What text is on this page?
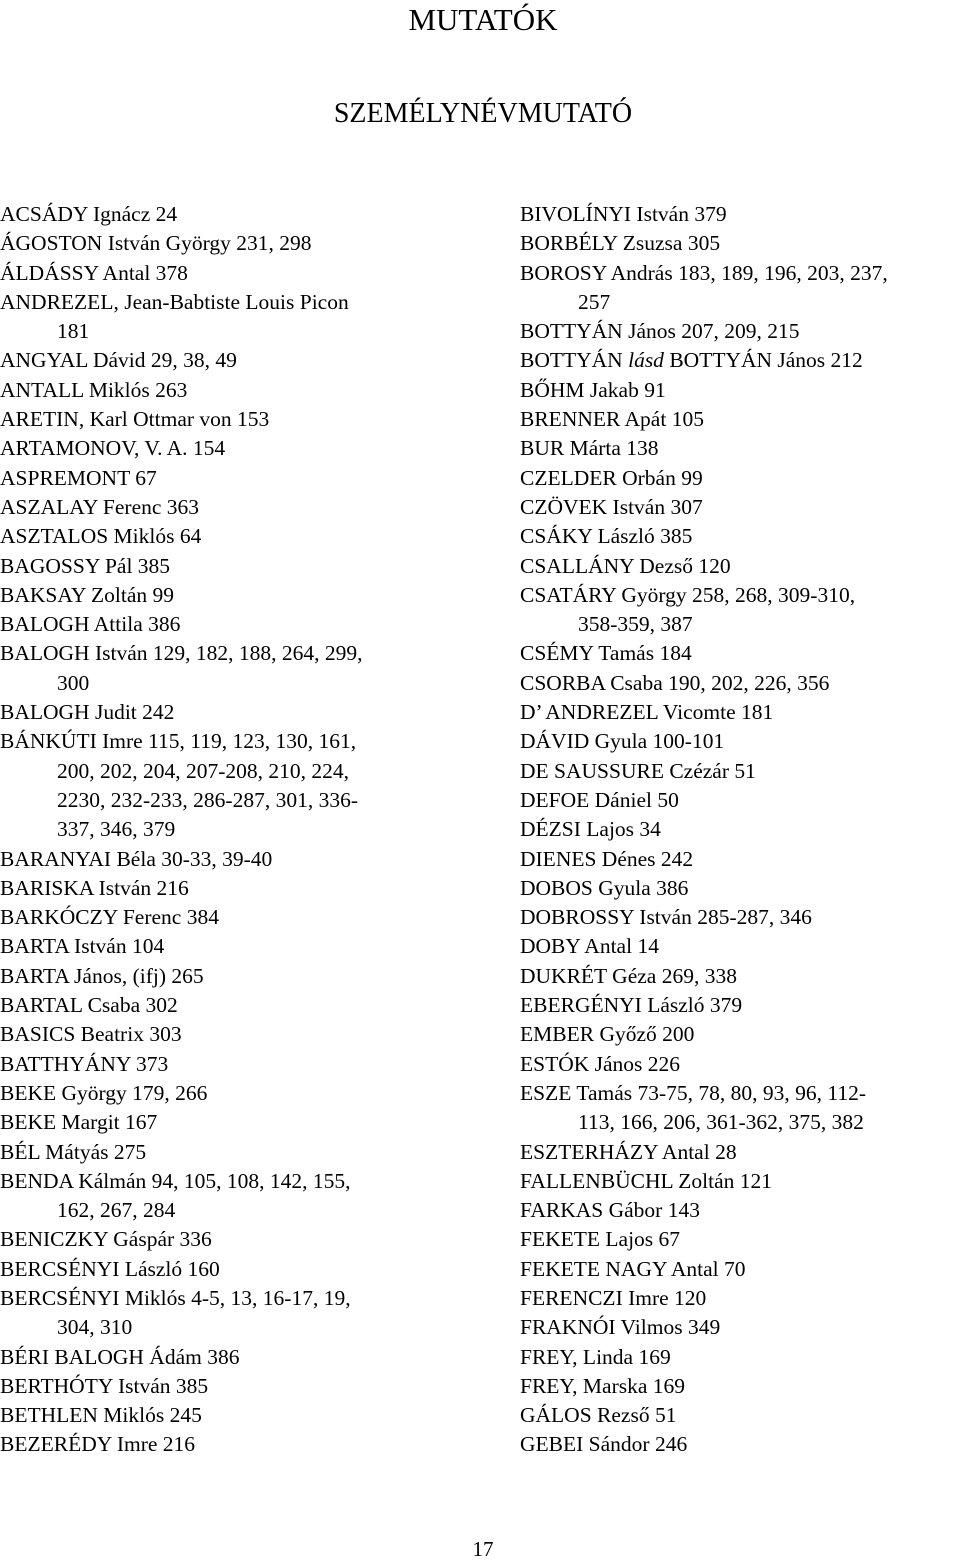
MUTATÓK
SZEMÉLYNÉVMUTATÓ
ACSÁDY Ignácz 24
ÁGOSTON István György 231, 298
ÁLDÁSSY Antal 378
ANDREZEL, Jean-Babtiste Louis Picon
181
ANGYAL Dávid 29, 38, 49
ANTALL Miklós 263
ARETIN, Karl Ottmar von 153
ARTAMONOV, V. A. 154
ASPREMONT 67
ASZALAY Ferenc 363
ASZTALOS Miklós 64
BAGOSSY Pál 385
BAKSAY Zoltán 99
BALOGH Attila 386
BALOGH István 129, 182, 188, 264, 299,
300
BALOGH Judit 242
BÁNKÚTI Imre 115, 119, 123, 130, 161,
200, 202, 204, 207-208, 210, 224,
2230, 232-233, 286-287, 301, 336-
337, 346, 379
BARANYAI Béla 30-33, 39-40
BARISKA István 216
BARKÓCZY Ferenc 384
BARTA István 104
BARTA János, (ifj) 265
BARTAL Csaba 302
BASICS Beatrix 303
BATTHYÁNY 373
BEKE György 179, 266
BEKE Margit 167
BÉL Mátyás 275
BENDA Kálmán 94, 105, 108, 142, 155,
162, 267, 284
BENICZKY Gáspár 336
BERCSÉNYI László 160
BERCSÉNYI Miklós 4-5, 13, 16-17, 19,
304, 310
BÉRI BALOGH Ádám 386
BERTHÓTY István 385
BETHLEN Miklós 245
BEZERÉDY Imre 216
BIVOLÍNYI István 379
BORBÉLY Zsuzsa 305
BOROSY András 183, 189, 196, 203, 237,
257
BOTTYÁN János 207, 209, 215
BOTTYÁN lásd BOTTYÁN János 212
BŐHM Jakab 91
BRENNER Apát 105
BUR Márta 138
CZELDER Orbán 99
CZÖVEK István 307
CSÁKY László 385
CSALLÁNY Dezső 120
CSATÁRY György 258, 268, 309-310,
358-359, 387
CSÉMY Tamás 184
CSORBA Csaba 190, 202, 226, 356
D’ ANDREZEL Vicomte 181
DÁVID Gyula 100-101
DE SAUSSURE Czézár 51
DEFOE Dániel 50
DÉZSI Lajos 34
DIENES Dénes 242
DOBOS Gyula 386
DOBROSSY István 285-287, 346
DOBY Antal 14
DUKRÉT Géza 269, 338
EBERGÉNYI László 379
EMBER Győző 200
ESTÓK János 226
ESZE Tamás 73-75, 78, 80, 93, 96, 112-
113, 166, 206, 361-362, 375, 382
ESZTERHÁZY Antal 28
FALLENBÜCHL Zoltán 121
FARKAS Gábor 143
FEKETE Lajos 67
FEKETE NAGY Antal 70
FERENCZI Imre 120
FRAKNÓI Vilmos 349
FREY, Linda 169
FREY, Marska 169
GÁLOS Rezső 51
GEBEI Sándor 246
17
